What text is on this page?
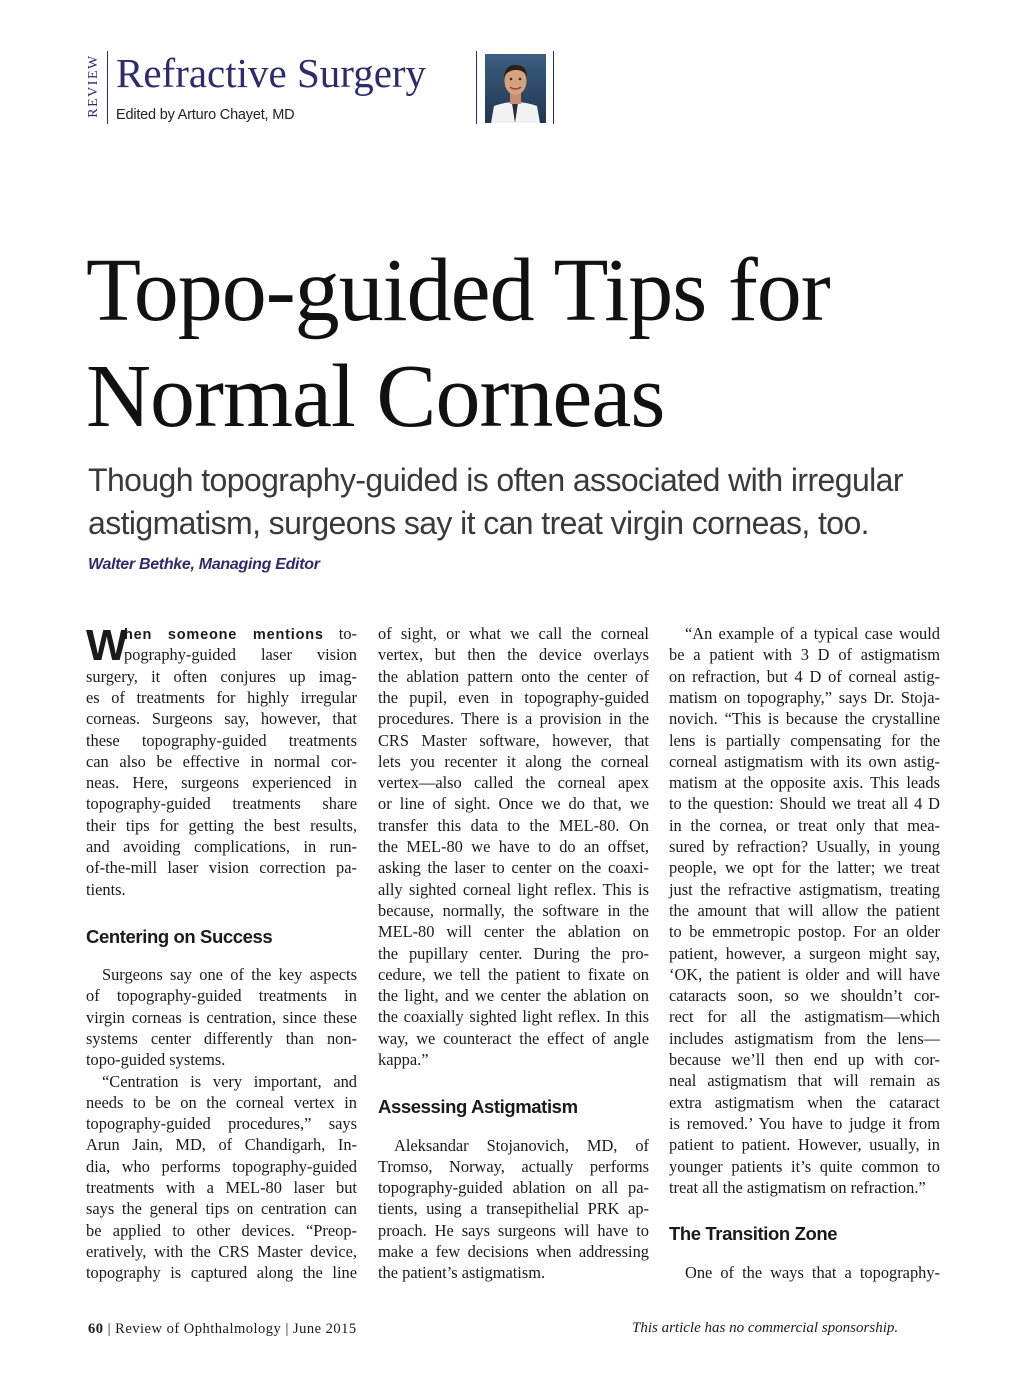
REVIEW Refractive Surgery
Edited by Arturo Chayet, MD
Topo-guided Tips for
Normal Corneas
Though topography-guided is often associated with irregular
astigmatism, surgeons say it can treat virgin corneas, too.
Walter Bethke, Managing Editor
W
hen someone mentions to-
pography-guided laser vision
surgery, it often conjures up imag-
es of treatments for highly irregular
corneas. Surgeons say, however, that
these topography-guided treatments
can also be effective in normal cor-
neas. Here, surgeons experienced in
topography-guided treatments share
their tips for getting the best results,
and avoiding complications, in run-
of-the-mill laser vision correction pa-
tients.
Centering on Success
Surgeons say one of the key aspects
of topography-guided treatments in
virgin corneas is centration, since these
systems center differently than non-
topo-guided systems.
“Centration is very important, and
needs to be on the corneal vertex in
topography-guided procedures,” says
Arun Jain, MD, of Chandigarh, In-
dia, who performs topography-guided
treatments with a MEL-80 laser but
says the general tips on centration can
be applied to other devices. “Preop-
eratively, with the CRS Master device,
topography is captured along the line
of sight, or what we call the corneal
vertex, but then the device overlays
the ablation pattern onto the center of
the pupil, even in topography-guided
procedures. There is a provision in the
CRS Master software, however, that
lets you recenter it along the corneal
vertex—also called the corneal apex
or line of sight. Once we do that, we
transfer this data to the MEL-80. On
the MEL-80 we have to do an offset,
asking the laser to center on the coaxi-
ally sighted corneal light reflex. This is
because, normally, the software in the
MEL-80 will center the ablation on
the pupillary center. During the pro-
cedure, we tell the patient to fixate on
the light, and we center the ablation on
the coaxially sighted light reflex. In this
way, we counteract the effect of angle
kappa.”
Assessing Astigmatism
Aleksandar Stojanovich, MD, of
Tromso, Norway, actually performs
topography-guided ablation on all pa-
tients, using a transepithelial PRK ap-
proach. He says surgeons will have to
make a few decisions when addressing
the patient’s astigmatism.
“An example of a typical case would
be a patient with 3 D of astigmatism
on refraction, but 4 D of corneal astig-
matism on topography,” says Dr. Stoja-
novich. “This is because the crystalline
lens is partially compensating for the
corneal astigmatism with its own astig-
matism at the opposite axis. This leads
to the question: Should we treat all 4 D
in the cornea, or treat only that mea-
sured by refraction? Usually, in young
people, we opt for the latter; we treat
just the refractive astigmatism, treating
the amount that will allow the patient
to be emmetropic postop. For an older
patient, however, a surgeon might say,
‘OK, the patient is older and will have
cataracts soon, so we shouldn’t cor-
rect for all the astigmatism—which
includes astigmatism from the lens—
because we’ll then end up with cor-
neal astigmatism that will remain as
extra astigmatism when the cataract
is removed.’ You have to judge it from
patient to patient. However, usually, in
younger patients it’s quite common to
treat all the astigmatism on refraction.”
The Transition Zone
One of the ways that a topography-
60 | Review of Ophthalmology | June 2015	This article has no commercial sponsorship.
